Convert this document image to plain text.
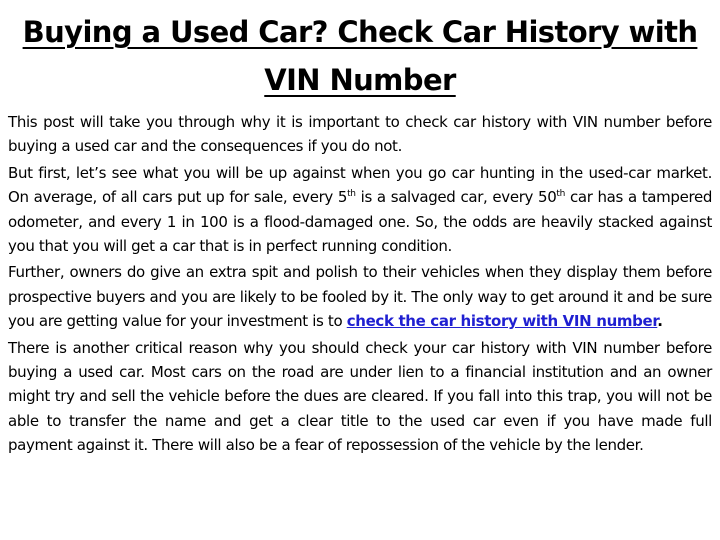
Buying a Used Car? Check Car History with
VIN Number

This post will take you through why it is important to check car history with VIN number before buying a used car and the consequences if you do not.

But first, let’s see what you will be up against when you go car hunting in the used-car market. On average, of all cars put up for sale, every 5th is a salvaged car, every 50th car has a tampered odometer, and every 1 in 100 is a flood-damaged one. So, the odds are heavily stacked against you that you will get a car that is in perfect running condition.

Further, owners do give an extra spit and polish to their vehicles when they display them before prospective buyers and you are likely to be fooled by it. The only way to get around it and be sure you are getting value for your investment is to check the car history with VIN number.

There is another critical reason why you should check your car history with VIN number before buying a used car. Most cars on the road are under lien to a financial institution and an owner might try and sell the vehicle before the dues are cleared. If you fall into this trap, you will not be able to transfer the name and get a clear title to the used car even if you have made full payment against it. There will also be a fear of repossession of the vehicle by the lender.
